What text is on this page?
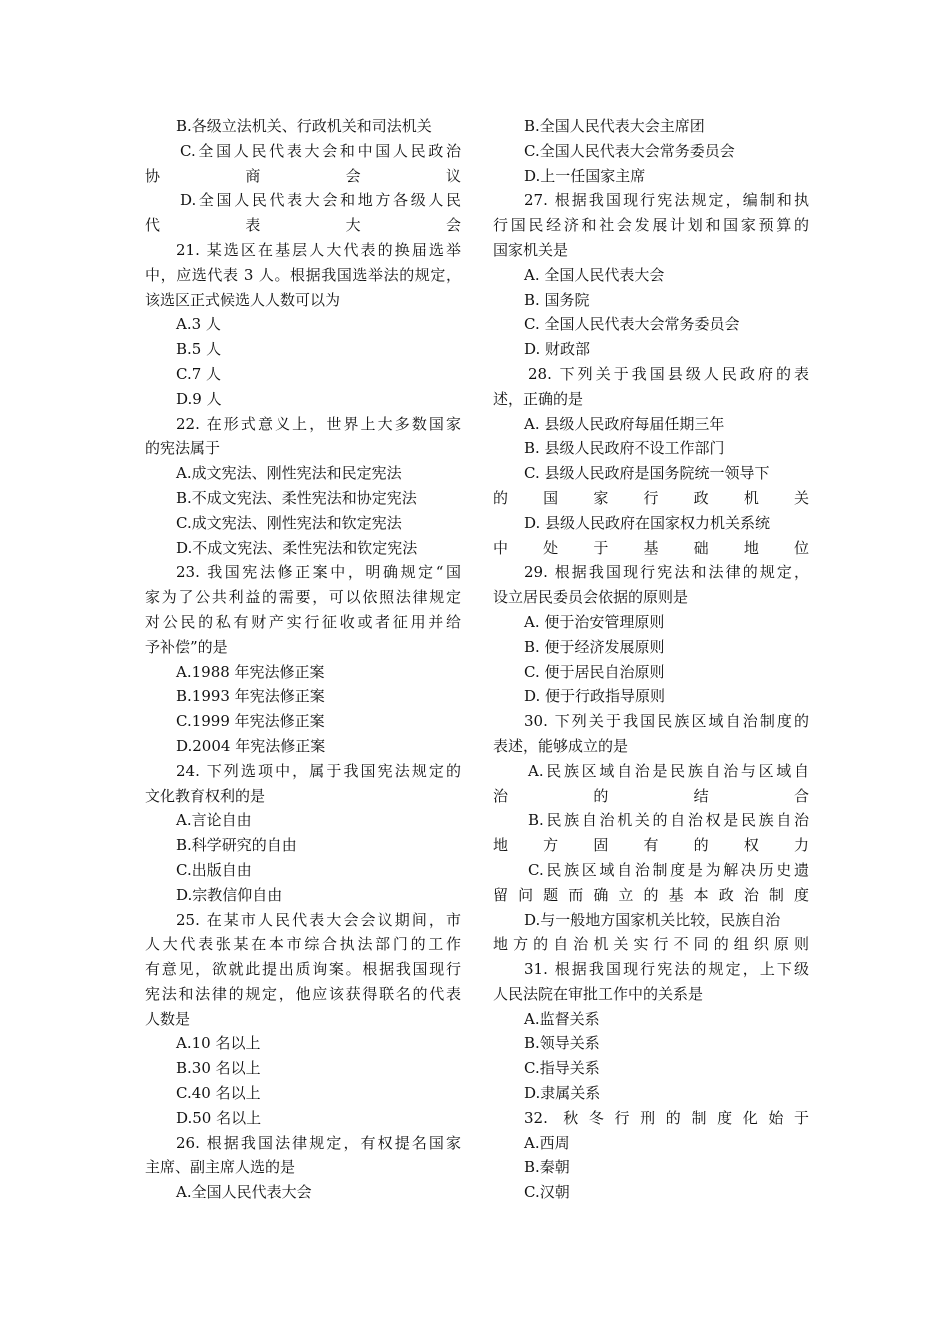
B.各级立法机关、行政机关和司法机关
C.全国人民代表大会和中国人民政治
协商会议
D.全国人民代表大会和地方各级人民
代表大会
21. 某选区在基层人大代表的换届选举
中，应选代表 3 人。根据我国选举法的规定，
该选区正式候选人人数可以为
A.3 人
B.5 人
C.7 人
D.9 人
22. 在形式意义上，世界上大多数国家
的宪法属于
A.成文宪法、刚性宪法和民定宪法
B.不成文宪法、柔性宪法和协定宪法
C.成文宪法、刚性宪法和钦定宪法
D.不成文宪法、柔性宪法和钦定宪法
23. 我国宪法修正案中，明确规定“国
家为了公共利益的需要，可以依照法律规定
对公民的私有财产实行征收或者征用并给
予补偿”的是
A.1988 年宪法修正案
B.1993 年宪法修正案
C.1999 年宪法修正案
D.2004 年宪法修正案
24. 下列选项中，属于我国宪法规定的
文化教育权利的是
A.言论自由
B.科学研究的自由
C.出版自由
D.宗教信仰自由
25. 在某市人民代表大会会议期间，市
人大代表张某在本市综合执法部门的工作
有意见，欲就此提出质询案。根据我国现行
宪法和法律的规定，他应该获得联名的代表
人数是
A.10 名以上
B.30 名以上
C.40 名以上
D.50 名以上
26. 根据我国法律规定，有权提名国家
主席、副主席人选的是
A.全国人民代表大会
B.全国人民代表大会主席团
C.全国人民代表大会常务委员会
D.上一任国家主席
27. 根据我国现行宪法规定，编制和执
行国民经济和社会发展计划和国家预算的
国家机关是
A. 全国人民代表大会
B. 国务院
C. 全国人民代表大会常务委员会
D. 财政部
28. 下列关于我国县级人民政府的表
述，正确的是
A. 县级人民政府每届任期三年
B. 县级人民政府不设工作部门
C. 县级人民政府是国务院统一领导下
的国家行政机关
D. 县级人民政府在国家权力机关系统
中处于基础地位
29. 根据我国现行宪法和法律的规定，
设立居民委员会依据的原则是
A. 便于治安管理原则
B. 便于经济发展原则
C. 便于居民自治原则
D. 便于行政指导原则
30. 下列关于我国民族区域自治制度的
表述，能够成立的是
A.民族区域自治是民族自治与区域自
治的结合
B.民族自治机关的自治权是民族自治
地方固有的权力
C.民族区域自治制度是为解决历史遗
留问题而确立的基本政治制度
D.与一般地方国家机关比较，民族自治
地方的自治机关实行不同的组织原则
31. 根据我国现行宪法的规定，上下级
人民法院在审批工作中的关系是
A.监督关系
B.领导关系
C.指导关系
D.隶属关系
32. 秋冬行刑的制度化始于
A.西周
B.秦朝
C.汉朝
